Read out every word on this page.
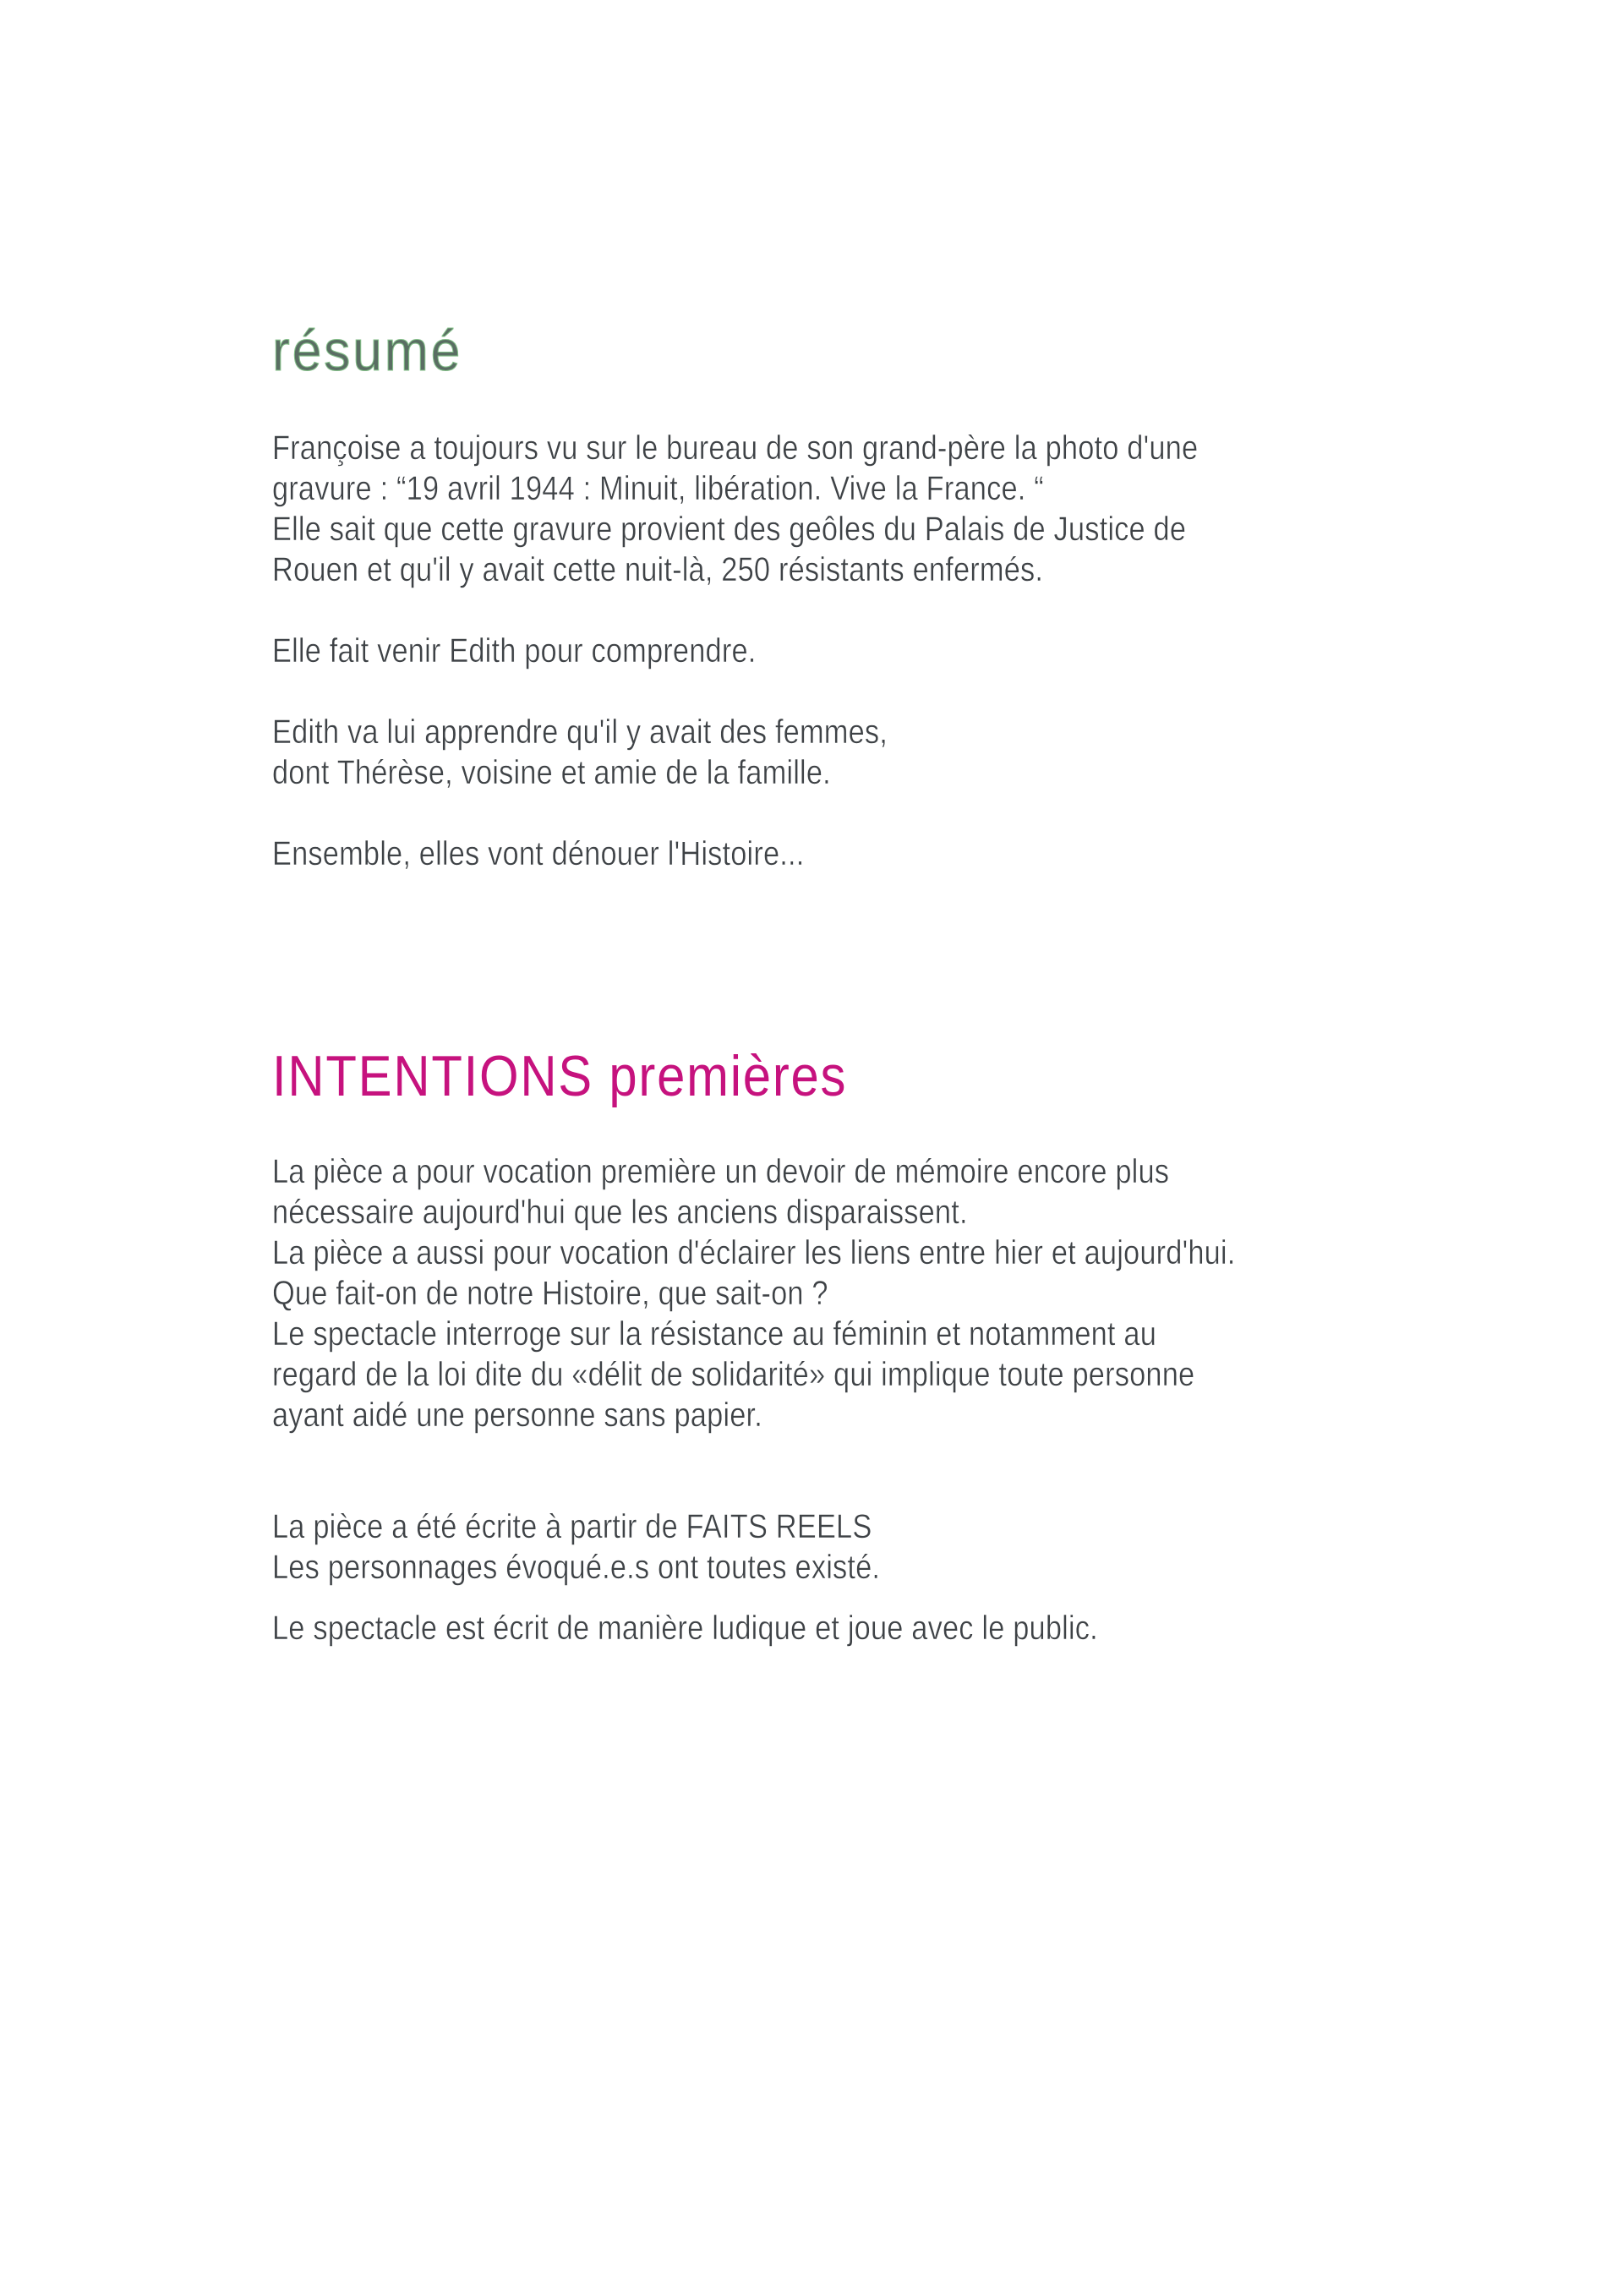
résumé
Françoise a toujours vu sur le bureau de son grand-père la photo d'une
gravure : “19 avril 1944 : Minuit, libération. Vive la France. “
Elle sait que cette gravure provient des geôles du Palais de Justice de
Rouen et qu'il y avait cette nuit-là, 250 résistants enfermés.
Elle fait venir Edith pour comprendre.
Edith va lui apprendre qu'il y avait des femmes,
dont Thérèse, voisine et amie de la famille.
Ensemble, elles vont dénouer l'Histoire...
INTENTIONS premières
La pièce a pour vocation première un devoir de mémoire encore plus
nécessaire aujourd'hui que les anciens disparaissent.
La pièce a aussi pour vocation d'éclairer les liens entre hier et aujourd'hui.
Que fait-on de notre Histoire, que sait-on ?
Le spectacle interroge sur la résistance au féminin et notamment au
regard de la loi dite du «délit de solidarité» qui implique toute personne
ayant aidé une personne sans papier.
La pièce a été écrite à partir de FAITS REELS
Les personnages évoqué.e.s ont toutes existé.
Le spectacle est écrit de manière ludique et joue avec le public.
